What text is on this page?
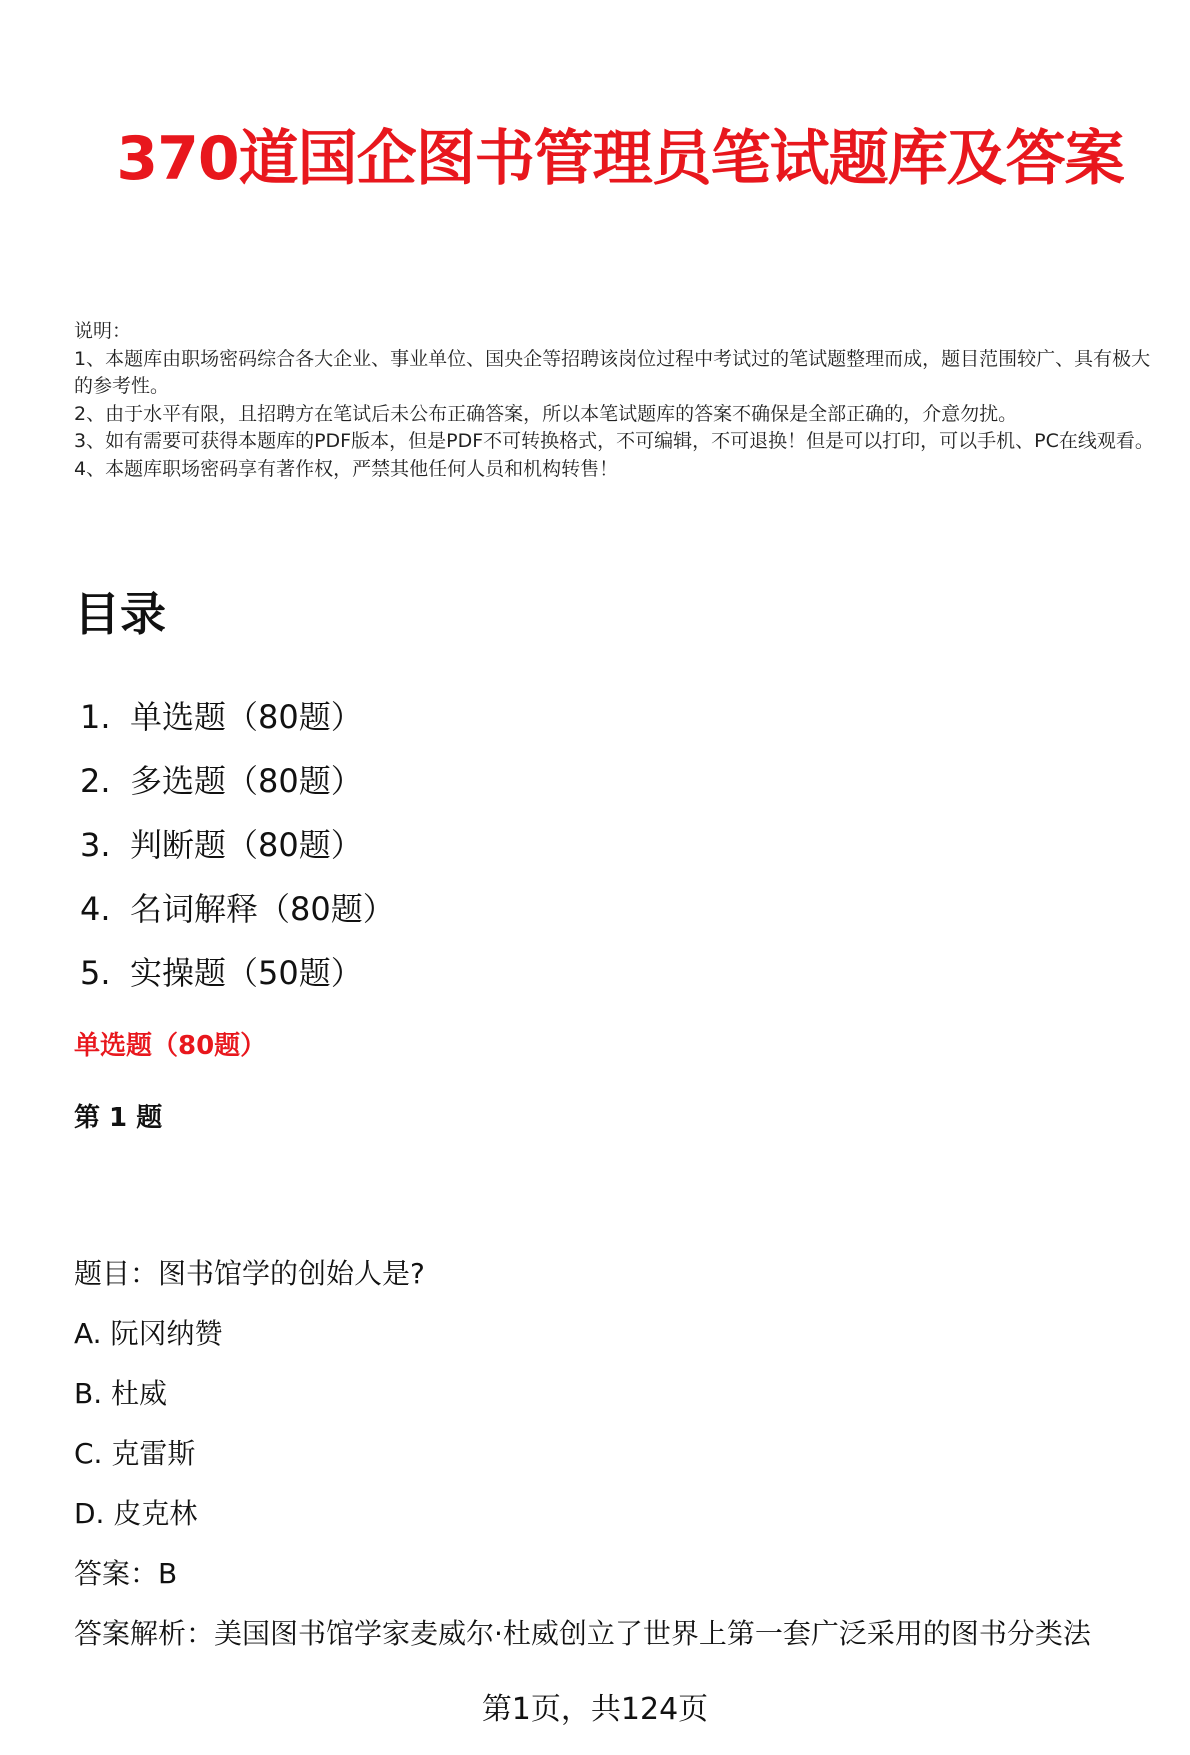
370道国企图书管理员笔试题库及答案

说明：

1、本题库由职场密码综合各大企业、事业单位、国央企等招聘该岗位过程中考试过的笔试题整理而成，题目范围较广、具有极大的参考性。

2、由于水平有限，且招聘方在笔试后未公布正确答案，所以本笔试题库的答案不确保是全部正确的，介意勿扰。

3、如有需要可获得本题库的PDF版本，但是PDF不可转换格式，不可编辑，不可退换！但是可以打印，可以手机、PC在线观看。

4、本题库职场密码享有著作权，严禁其他任何人员和机构转售！

目录
1. 单选题（80题）
2. 多选题（80题）
3. 判断题（80题）
4. 名词解释（80题）
5. 实操题（50题）
单选题（80题）
第 1 题
题目：图书馆学的创始人是?
A. 阮冈纳赞
B. 杜威
C. 克雷斯
D. 皮克林
答案：B
答案解析：美国图书馆学家麦威尔·杜威创立了世界上第一套广泛采用的图书分类法
第1页，共124页
